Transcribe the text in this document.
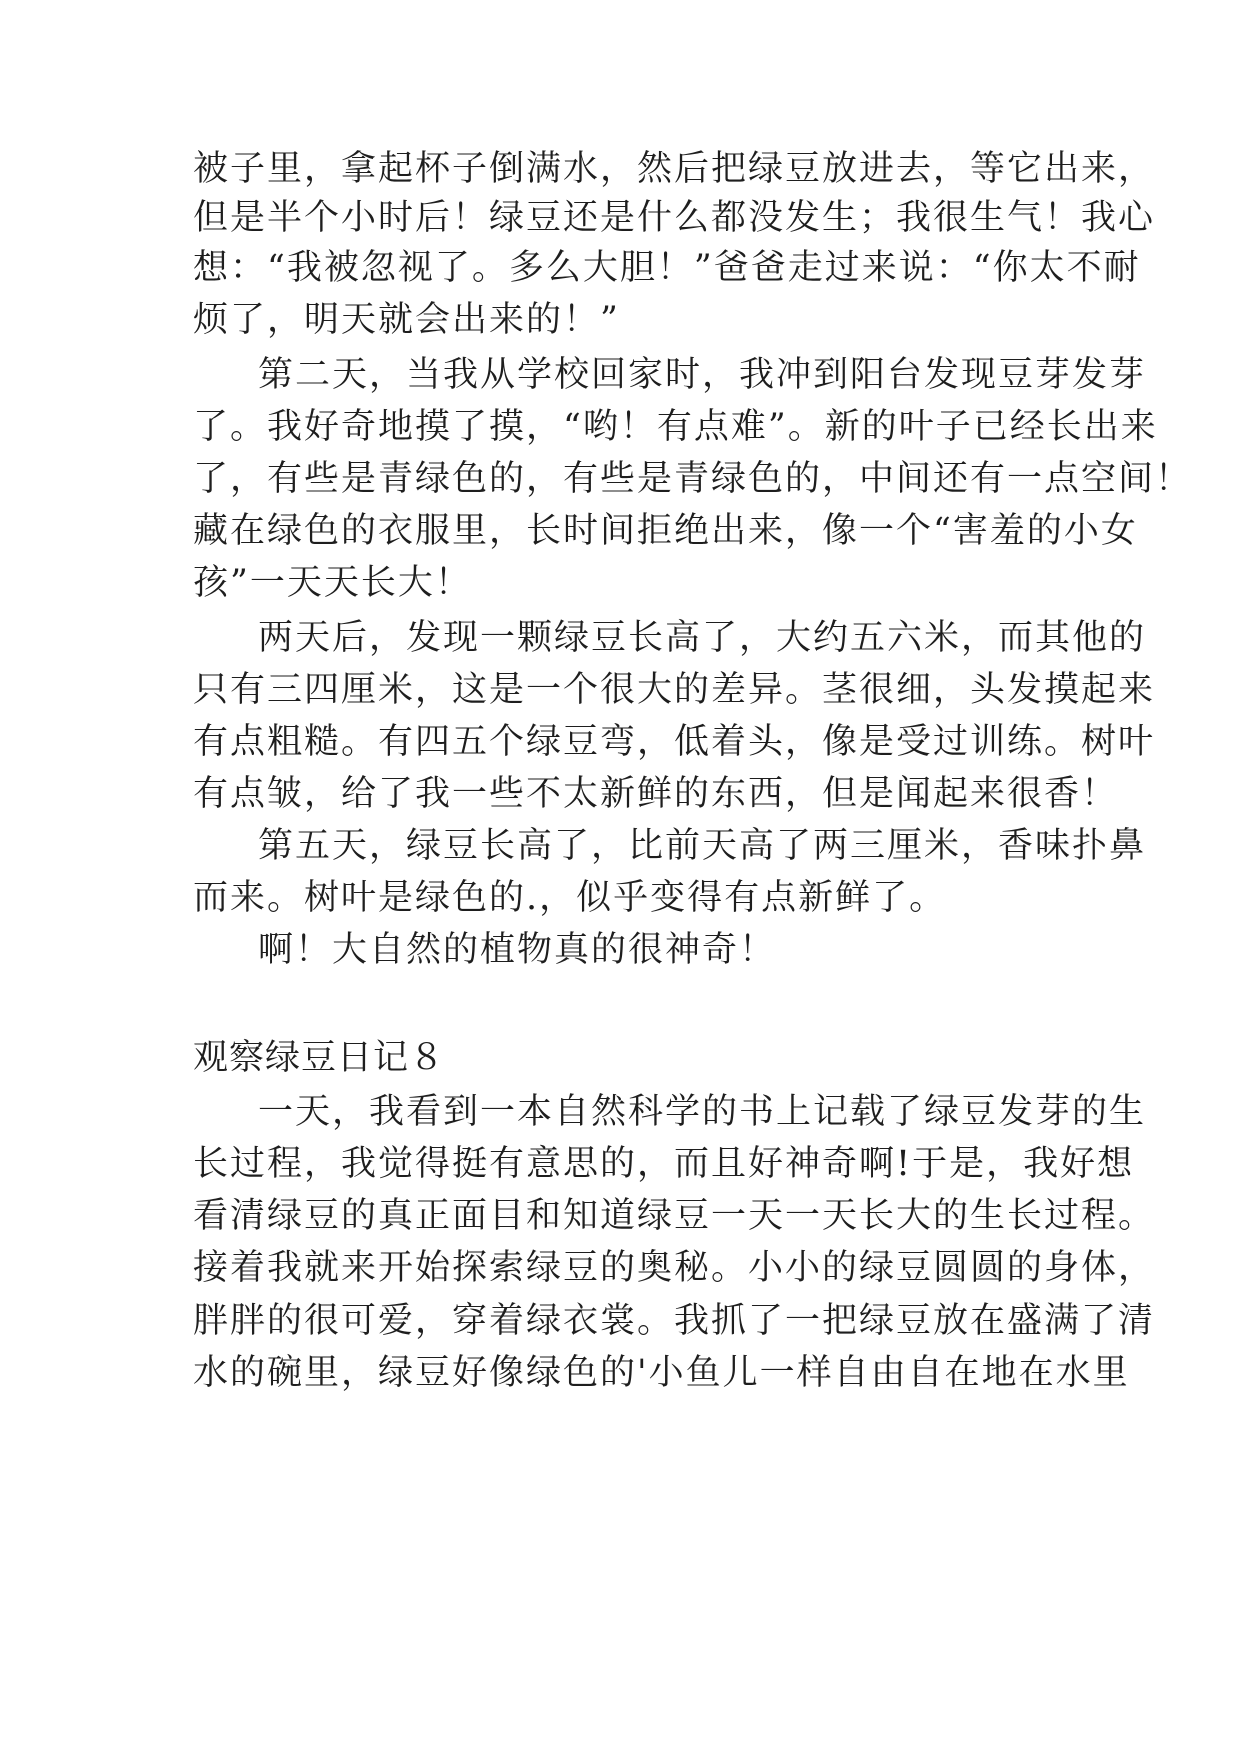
被子里，拿起杯子倒满水，然后把绿豆放进去，等它出来，
但是半个小时后！绿豆还是什么都没发生；我很生气！我心
想：“我被忽视了。多么大胆！”爸爸走过来说：“你太不耐
烦了，明天就会出来的！”
第二天，当我从学校回家时，我冲到阳台发现豆芽发芽
了。我好奇地摸了摸，“哟！有点难”。新的叶子已经长出来
了，有些是青绿色的，有些是青绿色的，中间还有一点空间！
藏在绿色的衣服里，长时间拒绝出来，像一个“害羞的小女
孩”一天天长大！
两天后，发现一颗绿豆长高了，大约五六米，而其他的
只有三四厘米，这是一个很大的差异。茎很细，头发摸起来
有点粗糙。有四五个绿豆弯，低着头，像是受过训练。树叶
有点皱，给了我一些不太新鲜的东西，但是闻起来很香！
第五天，绿豆长高了，比前天高了两三厘米，香味扑鼻
而来。树叶是绿色的.，似乎变得有点新鲜了。
啊！大自然的植物真的很神奇！
观察绿豆日记８
一天，我看到一本自然科学的书上记载了绿豆发芽的生
长过程，我觉得挺有意思的，而且好神奇啊!于是，我好想
看清绿豆的真正面目和知道绿豆一天一天长大的生长过程。
接着我就来开始探索绿豆的奥秘。小小的绿豆圆圆的身体，
胖胖的很可爱，穿着绿衣裳。我抓了一把绿豆放在盛满了清
水的碗里，绿豆好像绿色的'小鱼儿一样自由自在地在水里
